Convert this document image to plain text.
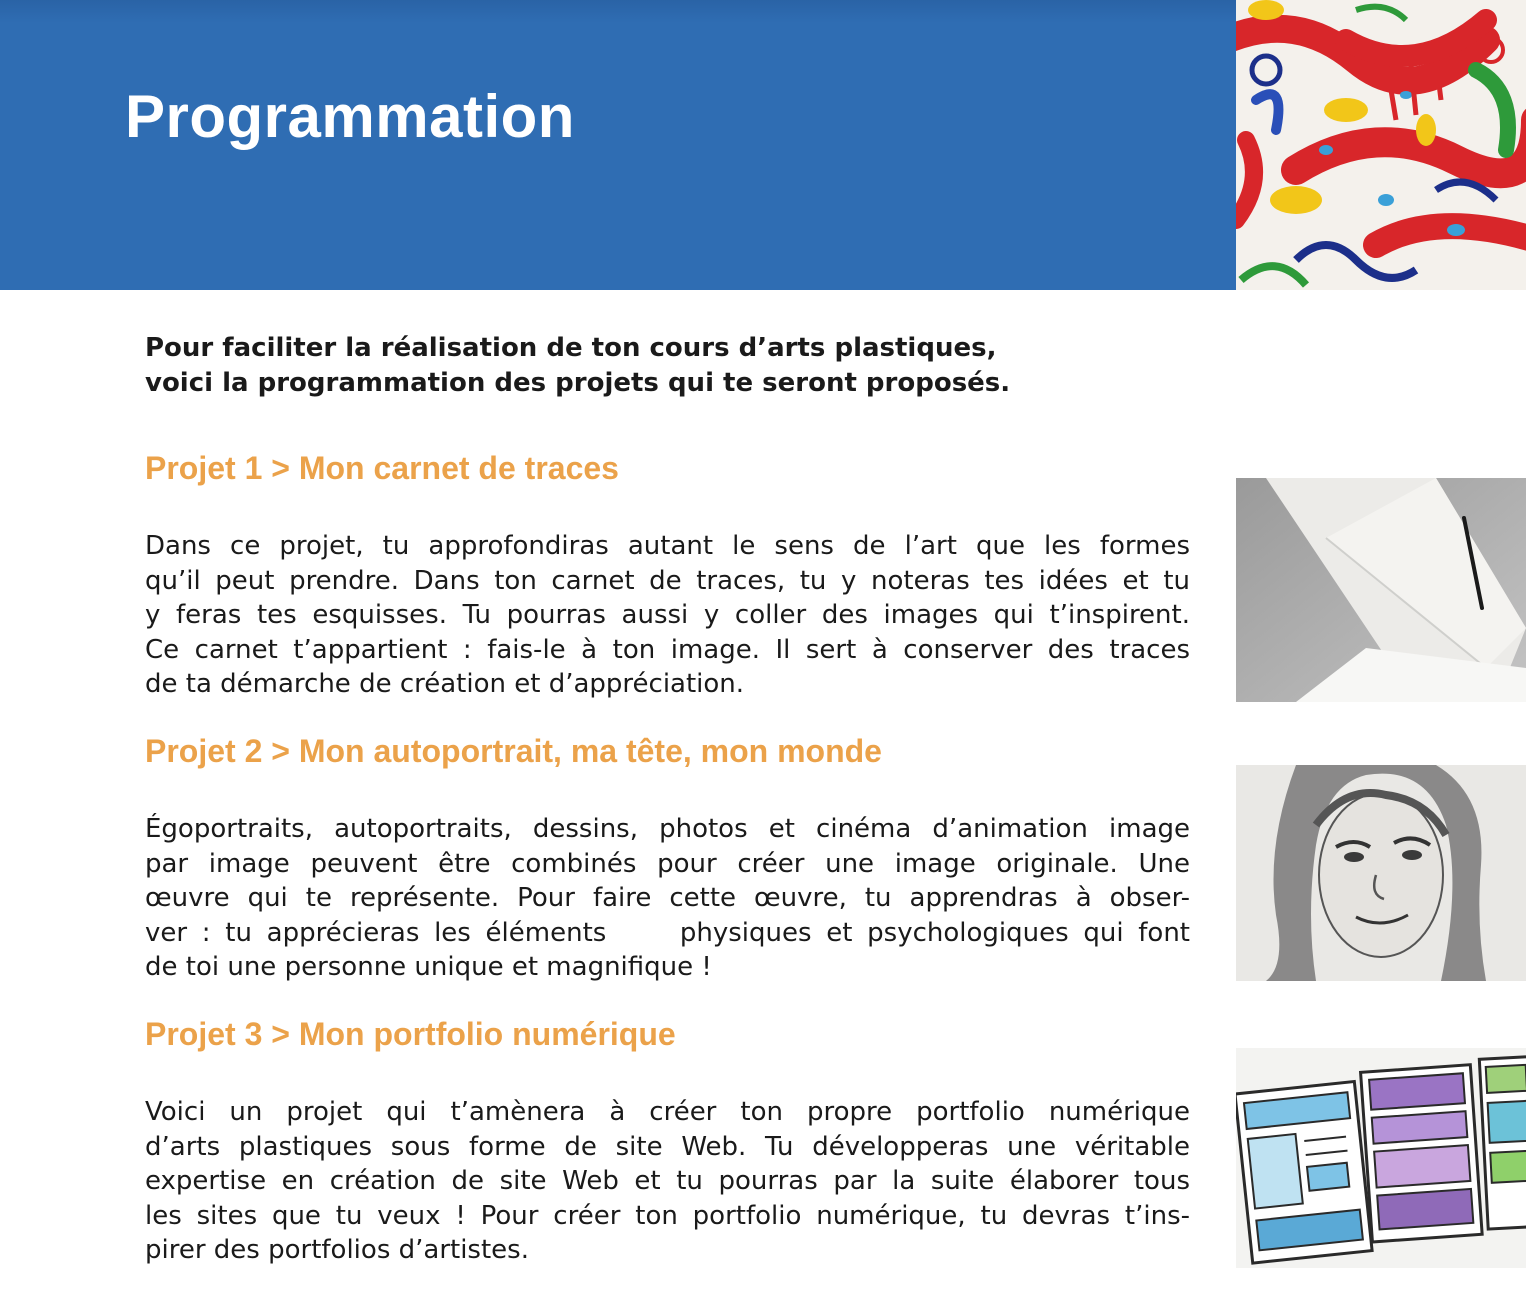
Programmation

Pour faciliter la réalisation de ton cours d’arts plastiques,
voici la programmation des projets qui te seront proposés.

Projet 1 > Mon carnet de traces

Dans ce projet, tu approfondiras autant le sens de l’art que les formes
qu’il peut prendre. Dans ton carnet de traces, tu y noteras tes idées et tu
y feras tes esquisses. Tu pourras aussi y coller des images qui t’inspirent.
Ce carnet t’appartient : fais-le à ton image. Il sert à conserver des traces
de ta démarche de création et d’appréciation.

Projet 2 > Mon autoportrait, ma tête, mon monde

Égoportraits, autoportraits, dessins, photos et cinéma d’animation image
par image peuvent être combinés pour créer une image originale. Une
œuvre qui te représente. Pour faire cette œuvre, tu apprendras à obser-
ver : tu apprécieras les éléments     physiques et psychologiques qui font
de toi une personne unique et magnifique !

Projet 3 > Mon portfolio numérique

Voici un projet qui t’amènera à créer ton propre portfolio numérique
d’arts plastiques sous forme de site Web. Tu développeras une véritable
expertise en création de site Web et tu pourras par la suite élaborer tous
les sites que tu veux ! Pour créer ton portfolio numérique, tu devras t’ins-
pirer des portfolios d’artistes.
